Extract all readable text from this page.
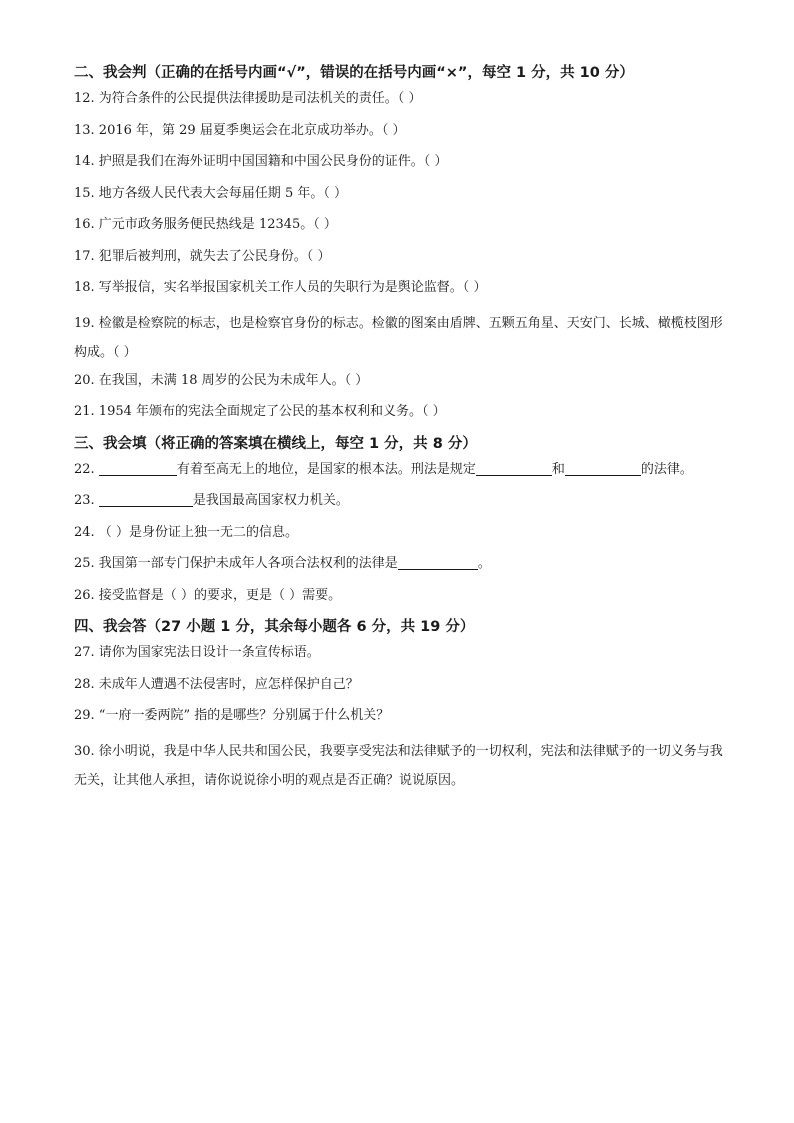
二、我会判（正确的在括号内画“√”，错误的在括号内画“×”，每空 1 分，共 10 分）
12. 为符合条件的公民提供法律援助是司法机关的责任。（ ）
13. 2016 年，第 29 届夏季奥运会在北京成功举办。（ ）
14. 护照是我们在海外证明中国国籍和中国公民身份的证件。（ ）
15. 地方各级人民代表大会每届任期 5 年。（ ）
16. 广元市政务服务便民热线是 12345。（ ）
17. 犯罪后被判刑，就失去了公民身份。（ ）
18. 写举报信，实名举报国家机关工作人员的失职行为是舆论监督。（ ）
19. 检徽是检察院的标志，也是检察官身份的标志。检徽的图案由盾牌、五颗五角星、天安门、长城、橄榄枝图形构成。（ ）
20. 在我国，未满 18 周岁的公民为未成年人。（ ）
21. 1954 年颁布的宪法全面规定了公民的基本权利和义务。（ ）
三、我会填（将正确的答案填在横线上，每空 1 分，共 8 分）
22.	有着至高无上的地位，是国家的根本法。刑法是规定	和	的法律。
23.	是我国最高国家权力机关。
24. （ ）是身份证上独一无二的信息。
25. 我国第一部专门保护未成年人各项合法权利的法律是	。
26. 接受监督是（ ）的要求，更是（ ）需要。
四、我会答（27 小题 1 分，其余每小题各 6 分，共 19 分）
27. 请你为国家宪法日设计一条宣传标语。
28. 未成年人遭遇不法侵害时，应怎样保护自己？
29. “一府一委两院” 指的是哪些？分别属于什么机关？
30. 徐小明说，我是中华人民共和国公民，我要享受宪法和法律赋予的一切权利，宪法和法律赋予的一切义务与我无关，让其他人承担，请你说说徐小明的观点是否正确？说说原因。
